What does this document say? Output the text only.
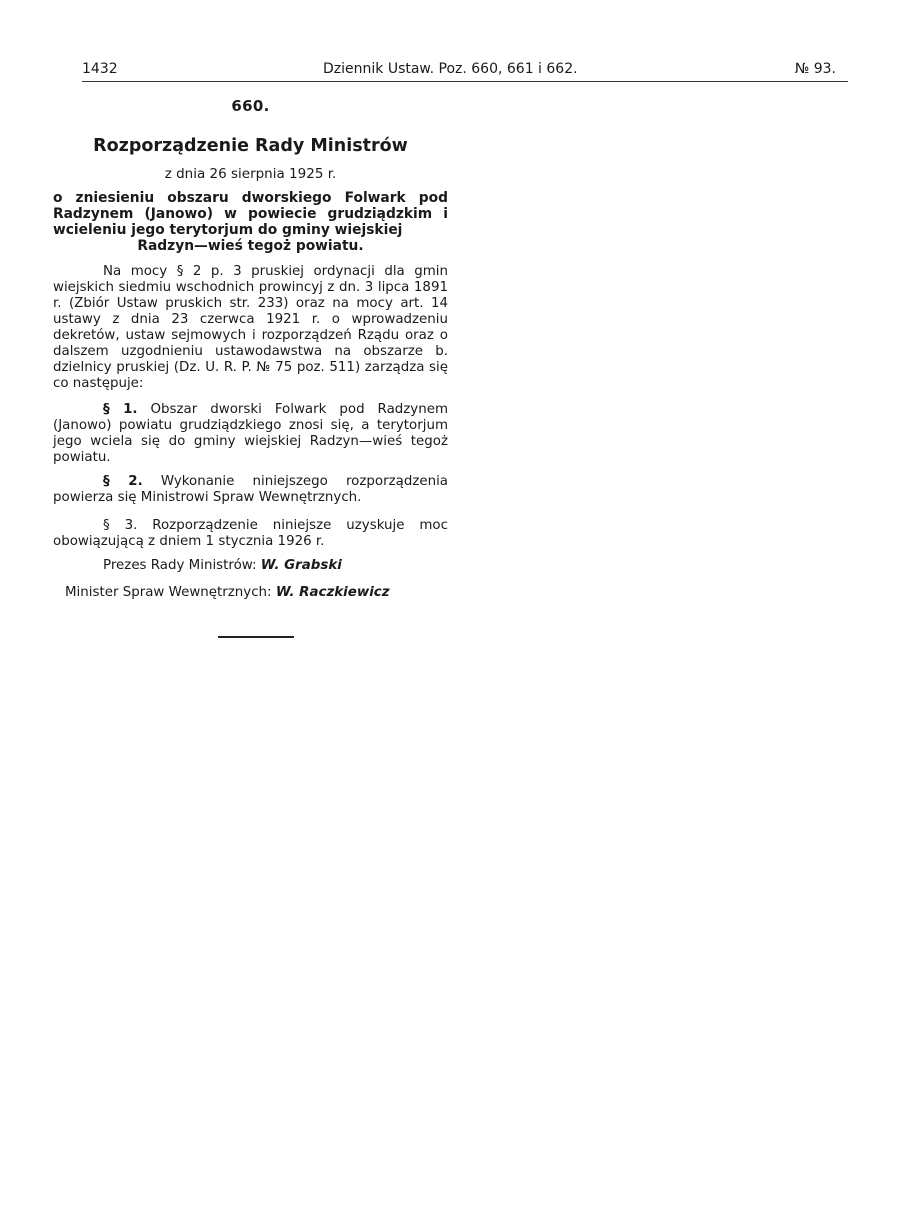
1432	Dziennik Ustaw. Poz. 660, 661 i 662.	№ 93.
660.
Rozporządzenie Rady Ministrów
z dnia 26 sierpnia 1925 r.
o zniesieniu obszaru dworskiego Folwark pod Radzynem (Janowo) w powiecie grudziądzkim i wcieleniu jego terytorjum do gminy wiejskiej
Radzyn—wieś tegoż powiatu.
Na mocy § 2 p. 3 pruskiej ordynacji dla gmin wiejskich siedmiu wschodnich prowincyj z dn. 3 lipca 1891 r. (Zbiór Ustaw pruskich str. 233) oraz na mocy art. 14 ustawy z dnia 23 czerwca 1921 r. o wprowadzeniu dekretów, ustaw sejmowych i rozporządzeń Rządu oraz o dalszem uzgodnieniu ustawodawstwa na obszarze b. dzielnicy pruskiej (Dz. U. R. P. № 75 poz. 511) zarządza się co następuje:
§ 1. Obszar dworski Folwark pod Radzynem (Janowo) powiatu grudziądzkiego znosi się, a terytorjum jego wciela się do gminy wiejskiej Radzyn—wieś tegoż powiatu.
§ 2. Wykonanie niniejszego rozporządzenia powierza się Ministrowi Spraw Wewnętrznych.
§ 3. Rozporządzenie niniejsze uzyskuje moc obowiązującą z dniem 1 stycznia 1926 r.
Prezes Rady Ministrów: W. Grabski
Minister Spraw Wewnętrznych: W. Raczkiewicz
